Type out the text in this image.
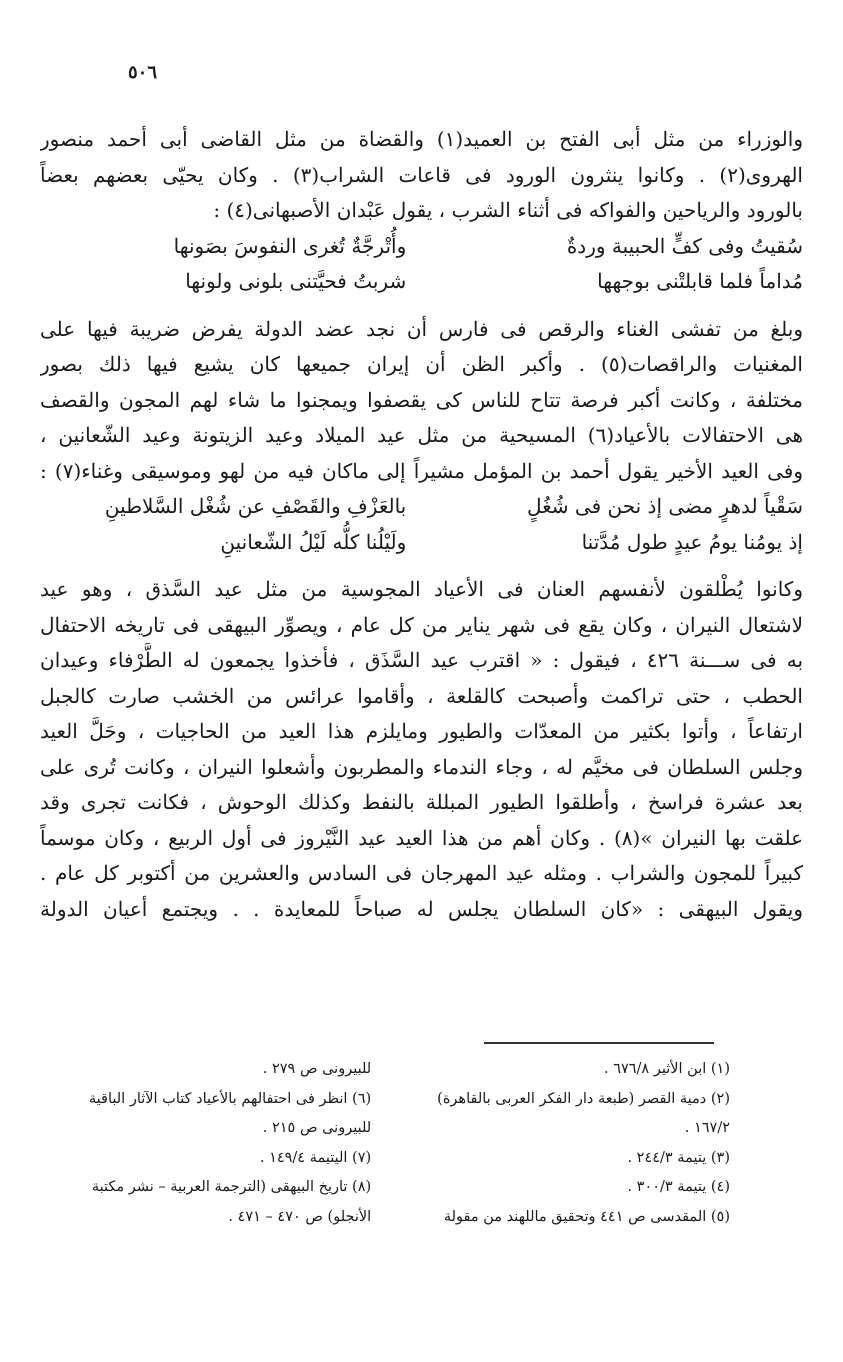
٥٠٦
والوزراء من مثل أبى الفتح بن العميد(١) والقضاة من مثل القاضى أبى أحمد منصور
الهروى(٢) . وكانوا ينثرون الورود فى قاعات الشراب(٣) . وكان يحيّى بعضهم بعضاً
بالورود والرياحين والفواكه فى أثناء الشرب ، يقول عَبْدان الأصبهانى(٤) :
سُقيتُ وفى كفٍّ الحبيبة وردةٌ
وأُتْرجَّةٌ تُغرى النفوسَ بصَونها
مُداماً فلما قابلتْنى بوجهها
شربتُ فحيَّتنى بلونى ولونها
وبلغ من تفشى الغناء والرقص فى فارس أن نجد عضد الدولة يفرض ضريبة فيها على
المغنيات والراقصات(٥) . وأكبر الظن أن إيران جميعها كان يشيع فيها ذلك بصور
مختلفة ، وكانت أكبر فرصة تتاح للناس كى يقصفوا ويمجنوا ما شاء لهم المجون والقصف
هى الاحتفالات بالأعياد(٦) المسيحية من مثل عيد الميلاد وعيد الزيتونة وعيد الشّعانين ،
وفى العيد الأخير يقول أحمد بن المؤمل مشيراً إلى ماكان فيه من لهو وموسيقى وغناء(٧) :
سَقْياً لدهرٍ مضى إذ نحن فى شُغُلٍ
بالعَزْفِ والقَصْفِ عن شُغْل السَّلاطينِ
إذ يومُنا يومُ عيدٍ طول مُدَّتنا
ولَيْلُنا كلُّه لَيْلُ الشّعانينِ
وكانوا يُطْلقون لأنفسهم العنان فى الأعياد المجوسية من مثل عيد السَّذق ، وهو عيد
لاشتعال النيران ، وكان يقع فى شهر يناير من كل عام ، ويصوِّر البيهقى فى تاريخه الاحتفال
به فى ســـنة ٤٢٦ ، فيقول : « اقترب عيد السَّذَق ، فأخذوا يجمعون له الطَّرْفاء وعيدان
الحطب ، حتى تراكمت وأصبحت كالقلعة ، وأقاموا عرائس من الخشب صارت كالجبل
ارتفاعاً ، وأتوا بكثير من المعدّات والطيور ومايلزم هذا العيد من الحاجيات ، وحَلَّ العيد
وجلس السلطان فى مخيَّم له ، وجاء الندماء والمطربون وأشعلوا النيران ، وكانت تُرى على
بعد عشرة فراسخ ، وأطلقوا الطيور المبللة بالنفط وكذلك الوحوش ، فكانت تجرى وقد
علقت بها النيران »(٨) . وكان أهم من هذا العيد عيد النَّيْروز فى أول الربيع ، وكان موسماً
كبيراً للمجون والشراب . ومثله عيد المهرجان فى السادس والعشرين من أكتوبر كل عام .
ويقول البيهقى : «كان السلطان يجلس له صباحاً للمعايدة . . ويجتمع أعيان الدولة
(١) ابن الأثير ٦٧٦/٨ .
(٢) دمية القصر (طبعة دار الفكر العربى بالقاهرة)
١٦٧/٢ .
(٣) يتيمة ٢٤٤/٣ .
(٤) يتيمة ٣٠٠/٣ .
(٥) المقدسى ص ٤٤١ وتحقيق ماللهند من مقولة
للبيرونى ص ٢٧٩ .
(٦) انظر فى احتفالهم بالأعياد كتاب الآثار الباقية
للبيرونى ص ٢١٥ .
(٧) اليتيمة ١٤٩/٤ .
(٨) تاريخ البيهقى (الترجمة العربية – نشر مكتبة
الأنجلو) ص ٤٧٠ – ٤٧١ .
